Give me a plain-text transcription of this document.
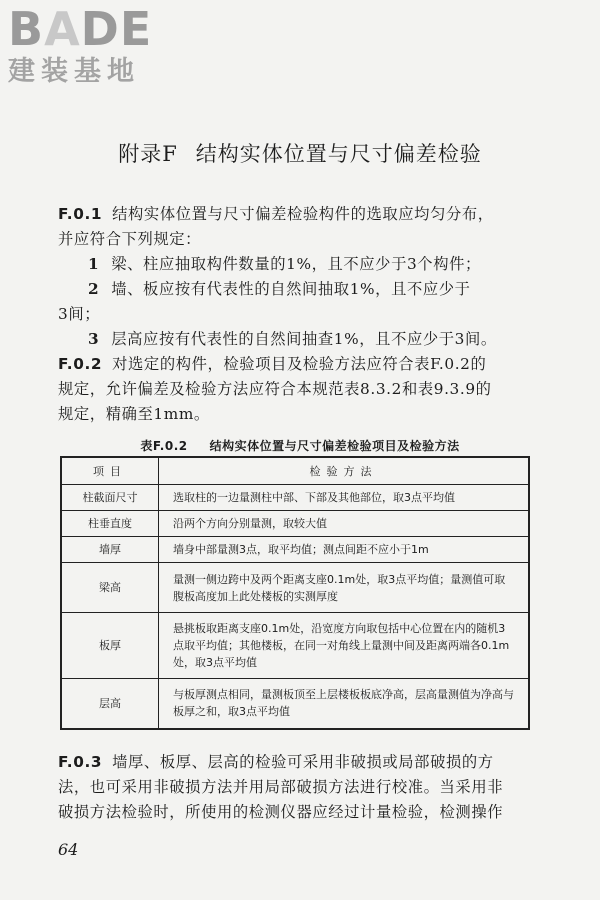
B A D E
建装基地
附录F 结构实体位置与尺寸偏差检验
F.0.1 结构实体位置与尺寸偏差检验构件的选取应均匀分布，
并应符合下列规定：
1 梁、柱应抽取构件数量的1%，且不应少于3个构件；
2 墙、板应按有代表性的自然间抽取1%，且不应少于
3间；
3 层高应按有代表性的自然间抽查1%，且不应少于3间。
F.0.2 对选定的构件，检验项目及检验方法应符合表F.0.2的
规定，允许偏差及检验方法应符合本规范表8.3.2和表9.3.9的
规定，精确至1mm。
表F.0.2 结构实体位置与尺寸偏差检验项目及检验方法
项目	检验方法
柱截面尺寸	选取柱的一边量测柱中部、下部及其他部位，取3点平均值
柱垂直度	沿两个方向分别量测，取较大值
墙厚	墙身中部量测3点，取平均值；测点间距不应小于1m
梁高	量测一侧边跨中及两个距离支座0.1m处，取3点平均值；量测值可取腹板高度加上此处楼板的实测厚度
板厚	悬挑板取距离支座0.1m处，沿宽度方向取包括中心位置在内的随机3点取平均值；其他楼板，在同一对角线上量测中间及距离两端各0.1m处，取3点平均值
层高	与板厚测点相同，量测板顶至上层楼板板底净高，层高量测值为净高与板厚之和，取3点平均值
F.0.3 墙厚、板厚、层高的检验可采用非破损或局部破损的方
法，也可采用非破损方法并用局部破损方法进行校准。当采用非
破损方法检验时，所使用的检测仪器应经过计量检验，检测操作
64
